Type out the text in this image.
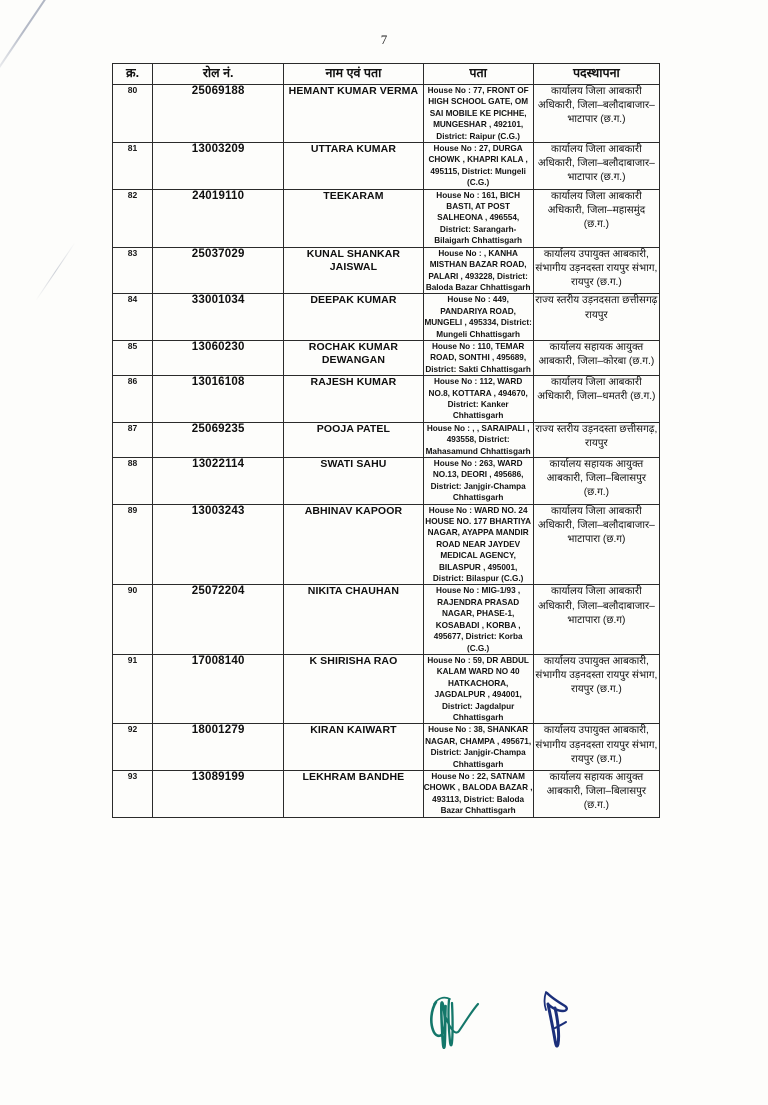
7
क्र.	रोल नं.	नाम एवं पता	पता	पदस्थापना
80	25069188	HEMANT KUMAR VERMA	House No : 77, FRONT OF HIGH SCHOOL GATE, OM SAI MOBILE KE PICHHE, MUNGESHAR , 492101, District: Raipur (C.G.)	कार्यालय जिला आबकारी अधिकारी, जिला–बलौदाबाजार– भाटापार (छ.ग.)
81	13003209	UTTARA KUMAR	House No : 27, DURGA CHOWK , KHAPRI KALA , 495115, District: Mungeli (C.G.)	कार्यालय जिला आबकारी अधिकारी, जिला–बलौदाबाजार– भाटापार (छ.ग.)
82	24019110	TEEKARAM	House No : 161, BICH BASTI, AT POST SALHEONA , 496554, District: Sarangarh-Bilaigarh Chhattisgarh	कार्यालय जिला आबकारी अधिकारी, जिला–महासमुंद (छ.ग.)
83	25037029	KUNAL SHANKAR JAISWAL	House No : , KANHA MISTHAN BAZAR ROAD, PALARI , 493228, District: Baloda Bazar Chhattisgarh	कार्यालय उपायुक्त आबकारी, संभागीय उड़नदस्ता रायपुर संभाग, रायपुर (छ.ग.)
84	33001034	DEEPAK KUMAR	House No : 449, PANDARIYA ROAD, MUNGELI , 495334, District: Mungeli Chhattisgarh	राज्य स्तरीय उड़नदसता छत्तीसगढ़ रायपुर
85	13060230	ROCHAK KUMAR DEWANGAN	House No : 110, TEMAR ROAD, SONTHI , 495689, District: Sakti Chhattisgarh	कार्यालय सहायक आयुक्त आबकारी, जिला–कोरबा (छ.ग.)
86	13016108	RAJESH KUMAR	House No : 112, WARD NO.8, KOTTARA , 494670, District: Kanker Chhattisgarh	कार्यालय जिला आबकारी अधिकारी, जिला–धमतरी (छ.ग.)
87	25069235	POOJA PATEL	House No : , , SARAIPALI , 493558, District: Mahasamund Chhattisgarh	राज्य स्तरीय उड़नदस्ता छत्तीसगढ़, रायपुर
88	13022114	SWATI SAHU	House No : 263, WARD NO.13, DEORI , 495686, District: Janjgir-Champa Chhattisgarh	कार्यालय सहायक आयुक्त आबकारी, जिला–बिलासपुर (छ.ग.)
89	13003243	ABHINAV KAPOOR	House No : WARD NO. 24 HOUSE NO. 177 BHARTIYA NAGAR, AYAPPA MANDIR ROAD NEAR JAYDEV MEDICAL AGENCY, BILASPUR , 495001, District: Bilaspur (C.G.)	कार्यालय जिला आबकारी अधिकारी, जिला–बलौदाबाजार– भाटापारा (छ.ग)
90	25072204	NIKITA CHAUHAN	House No : MIG-1/93 , RAJENDRA PRASAD NAGAR, PHASE-1, KOSABADI , KORBA , 495677, District: Korba (C.G.)	कार्यालय जिला आबकारी अधिकारी, जिला–बलौदाबाजार– भाटापारा (छ.ग)
91	17008140	K SHIRISHA RAO	House No : 59, DR ABDUL KALAM WARD NO 40 HATKACHORA, JAGDALPUR , 494001, District: Jagdalpur Chhattisgarh	कार्यालय उपायुक्त आबकारी, संभागीय उड़नदस्ता रायपुर संभाग, रायपुर (छ.ग.)
92	18001279	KIRAN KAIWART	House No : 38, SHANKAR NAGAR, CHAMPA , 495671, District: Janjgir-Champa Chhattisgarh	कार्यालय उपायुक्त आबकारी, संभागीय उड़नदस्ता रायपुर संभाग, रायपुर (छ.ग.)
93	13089199	LEKHRAM BANDHE	House No : 22, SATNAM CHOWK , BALODA BAZAR , 493113, District: Baloda Bazar Chhattisgarh	कार्यालय सहायक आयुक्त आबकारी, जिला–बिलासपुर (छ.ग.)
